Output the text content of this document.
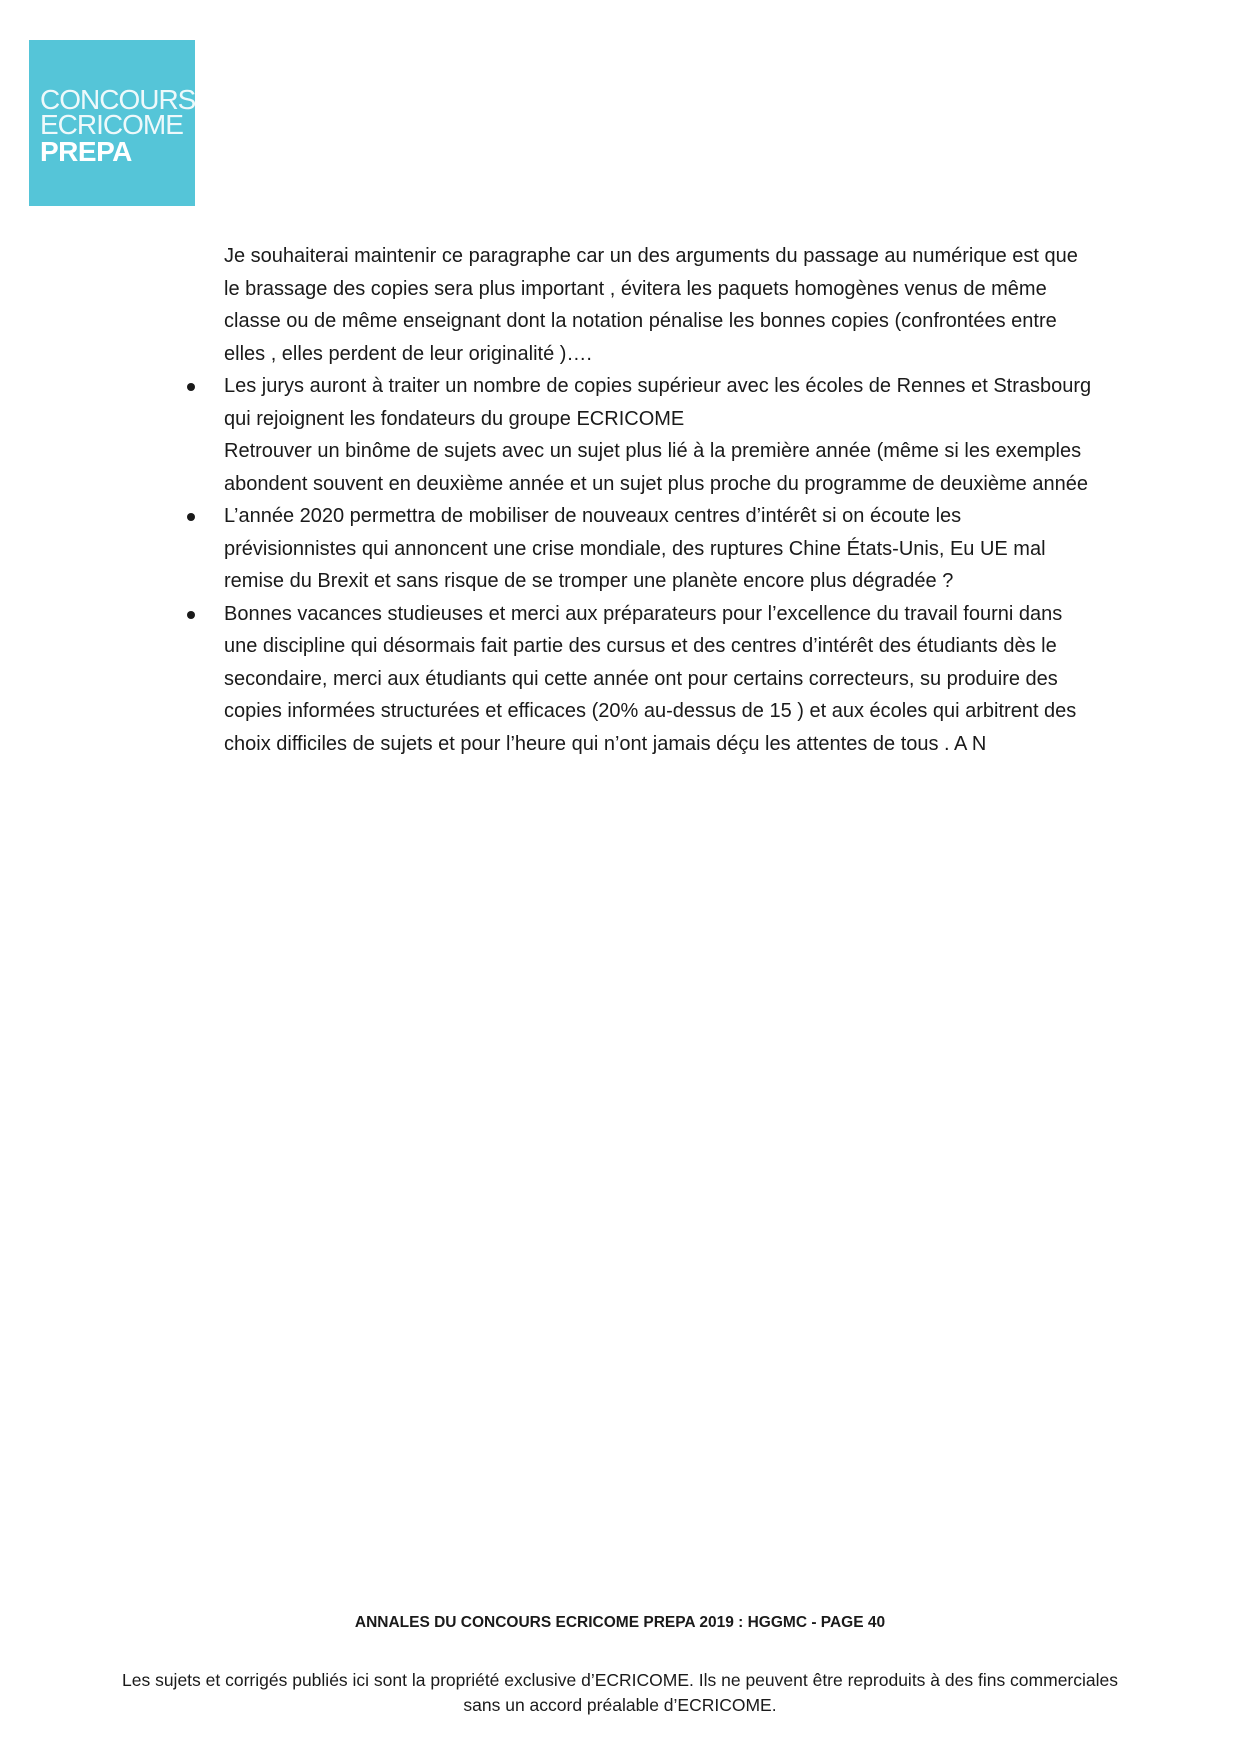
CONCOURS
ECRICOME
PREPA

Je souhaiterai maintenir ce paragraphe car un des arguments du passage au numérique est que le brassage des copies sera plus important , évitera les paquets homogènes venus de même classe ou de même enseignant dont la notation pénalise les bonnes copies (confrontées entre elles , elles perdent de leur originalité )….

Les jurys auront à traiter un nombre de copies supérieur avec les écoles de Rennes et Strasbourg qui rejoignent les fondateurs du groupe ECRICOME
Retrouver un binôme de sujets avec un sujet plus lié à la première année (même si les exemples abondent souvent en deuxième année et un sujet plus proche du programme de deuxième année
L’année 2020 permettra de mobiliser de nouveaux centres d’intérêt si on écoute les prévisionnistes qui annoncent une crise mondiale, des ruptures Chine États-Unis, Eu UE mal remise du Brexit et sans risque de se tromper une planète encore plus dégradée ?
Bonnes vacances studieuses et merci aux préparateurs pour l’excellence du travail fourni dans une discipline qui désormais fait partie des cursus et des centres d’intérêt des étudiants dès le secondaire, merci aux étudiants qui cette année ont pour certains correcteurs, su produire des copies informées structurées et efficaces (20% au-dessus de 15 ) et aux écoles qui arbitrent des choix difficiles de sujets et pour l’heure qui n’ont jamais déçu les attentes de tous . A N
ANNALES DU CONCOURS ECRICOME PREPA 2019 : HGGMC - PAGE 40
Les sujets et corrigés publiés ici sont la propriété exclusive d’ECRICOME. Ils ne peuvent être reproduits à des fins commerciales sans un accord préalable d’ECRICOME.
